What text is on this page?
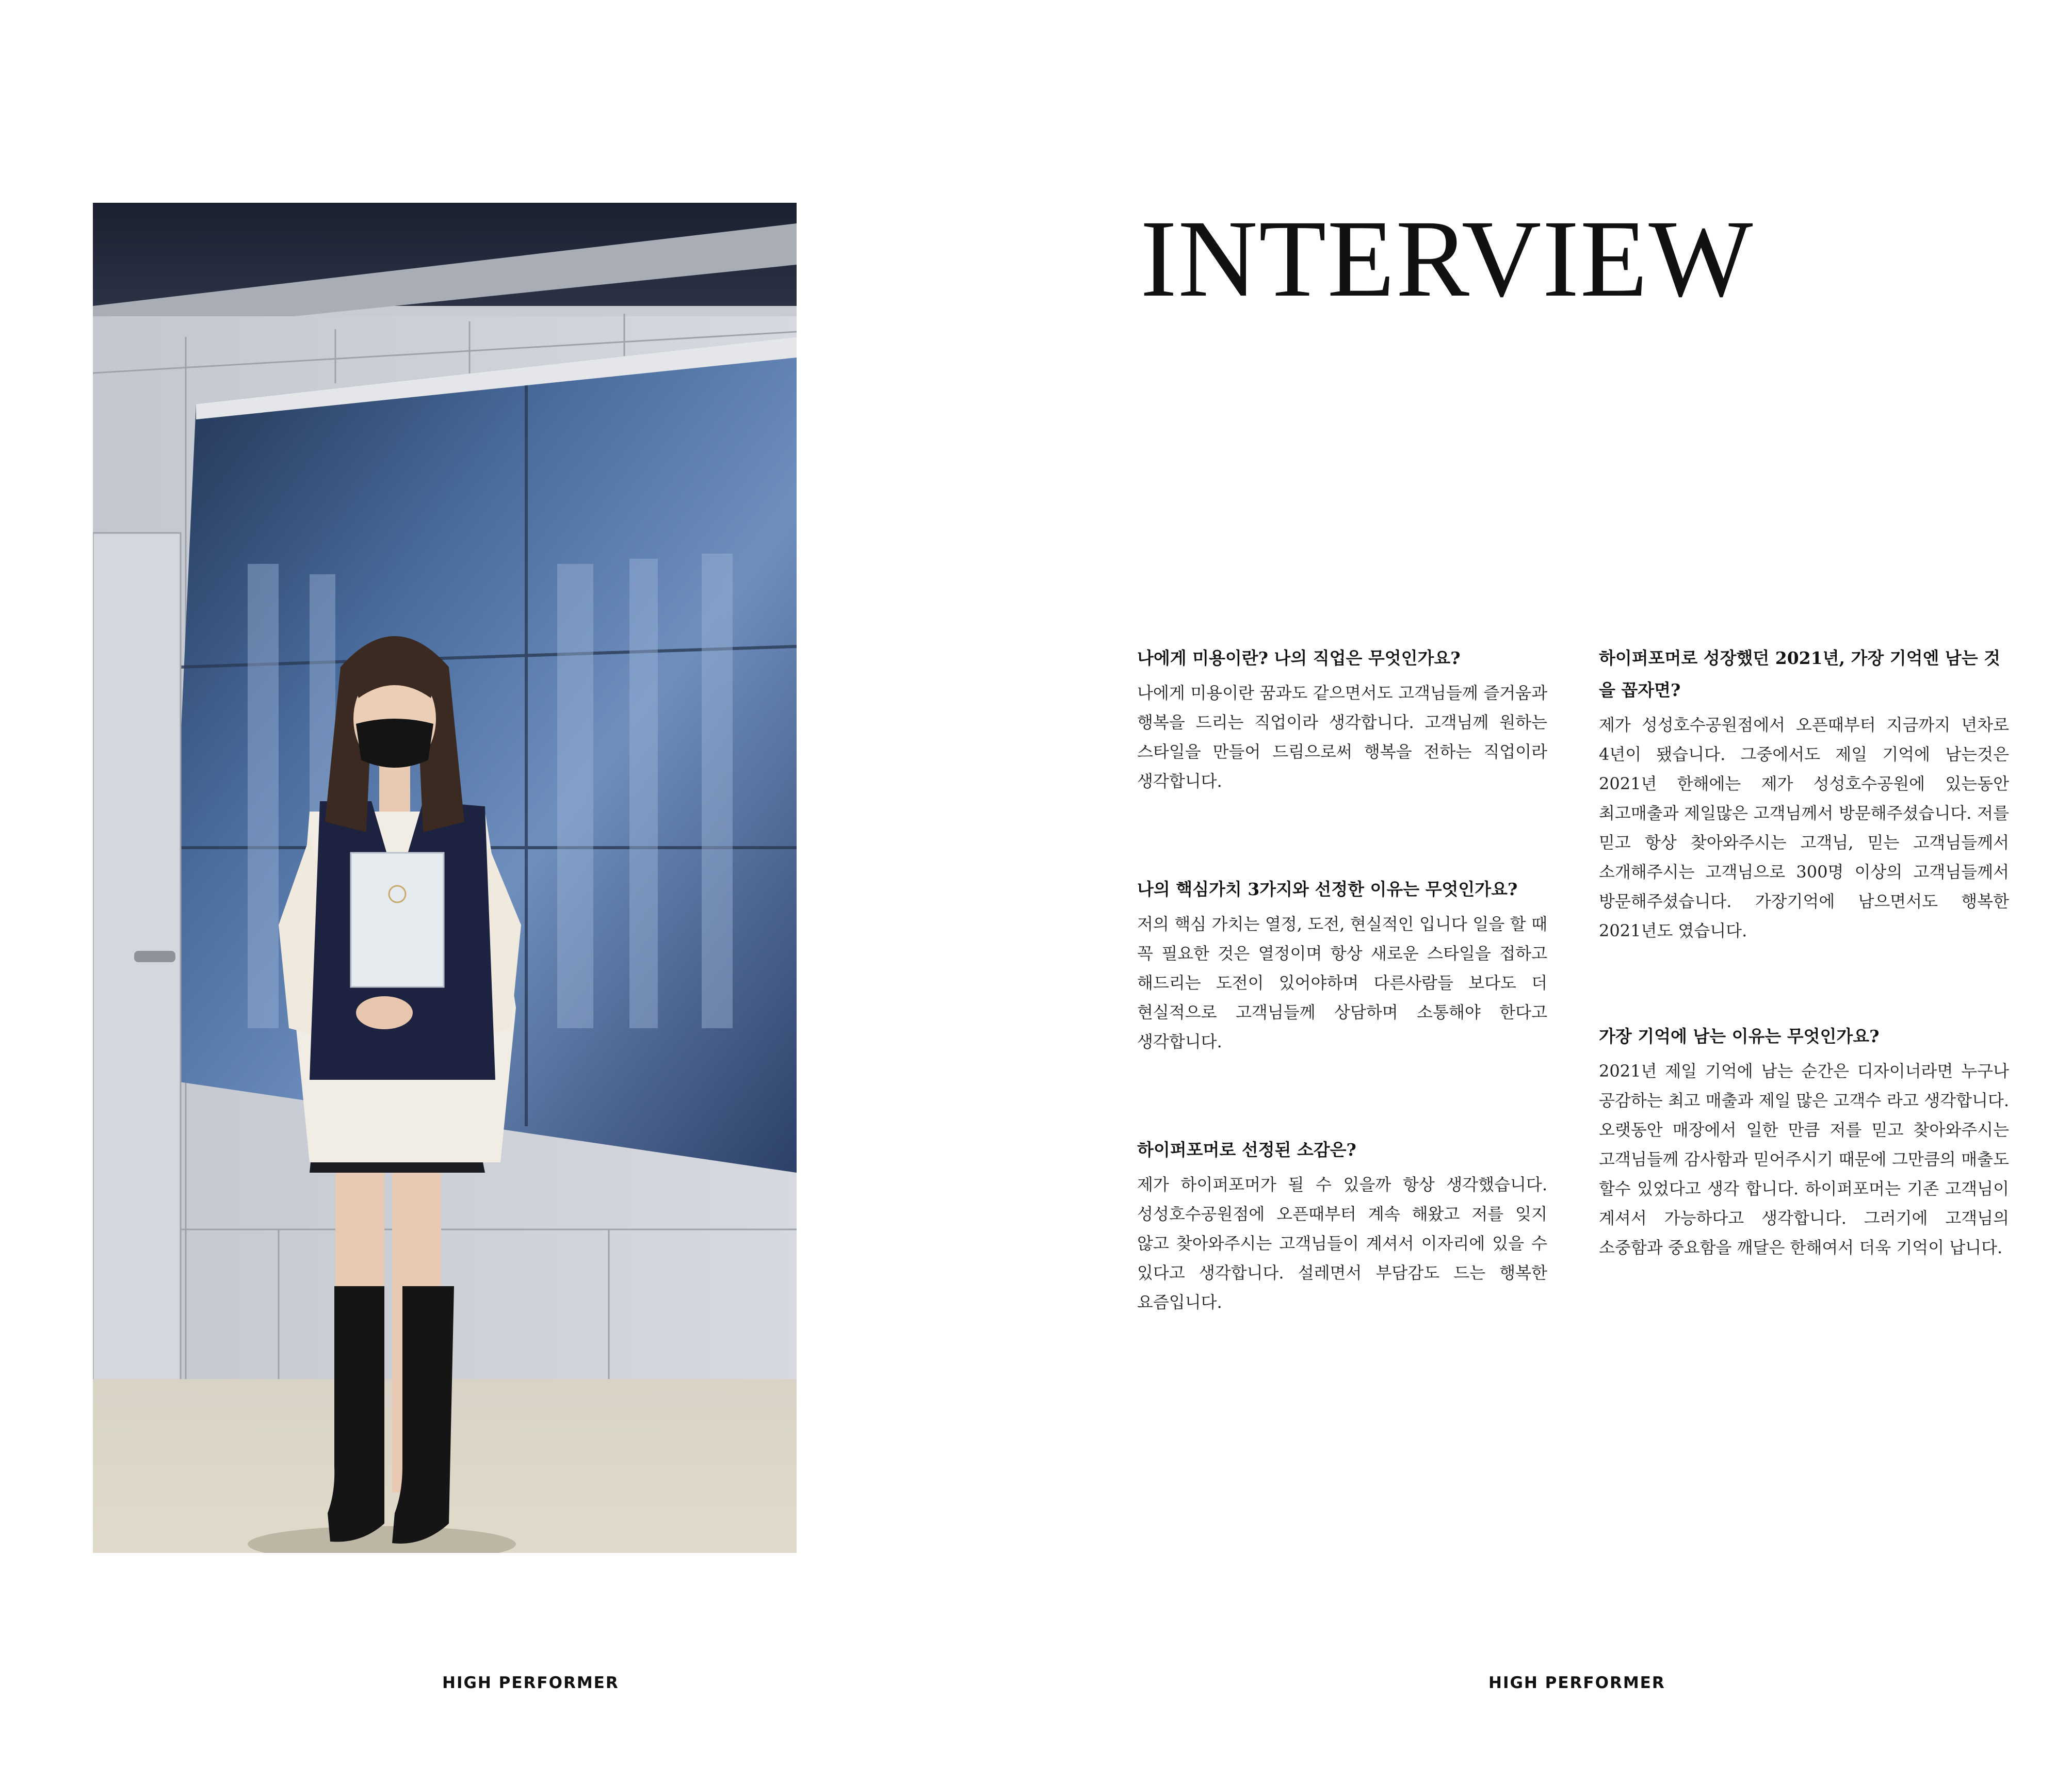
HIGH PERFORMER
INTERVIEW

나에게 미용이란? 나의 직업은 무엇인가요?

나에게 미용이란 꿈과도 같으면서도 고객님들께 즐거움과 행복을 드리는 직업이라 생각합니다. 고객님께 원하는 스타일을 만들어 드림으로써 행복을 전하는 직업이라 생각합니다.

나의 핵심가치 3가지와 선정한 이유는 무엇인가요?

저의 핵심 가치는 열정, 도전, 현실적인 입니다 일을 할 때 꼭 필요한 것은 열정이며 항상 새로운 스타일을 접하고 해드리는 도전이 있어야하며 다른사람들 보다도 더 현실적으로 고객님들께 상담하며 소통해야 한다고 생각합니다.

하이퍼포머로 선정된 소감은?

제가 하이퍼포머가 될 수 있을까 항상 생각했습니다. 성성호수공원점에 오픈때부터 계속 해왔고 저를 잊지 않고 찾아와주시는 고객님들이 계셔서 이자리에 있을 수 있다고 생각합니다. 설레면서 부담감도 드는 행복한 요즘입니다.

하이퍼포머로 성장했던 2021년, 가장 기억엔 남는 것을 꼽자면?

제가 성성호수공원점에서 오픈때부터 지금까지 년차로 4년이 됐습니다. 그중에서도 제일 기억에 남는것은 2021년 한해에는 제가 성성호수공원에 있는동안 최고매출과 제일많은 고객님께서 방문해주셨습니다. 저를 믿고 항상 찾아와주시는 고객님, 믿는 고객님들께서 소개해주시는 고객님으로 300명 이상의 고객님들께서 방문해주셨습니다. 가장기억에 남으면서도 행복한 2021년도 였습니다.

가장 기억에 남는 이유는 무엇인가요?

2021년 제일 기억에 남는 순간은 디자이너라면 누구나 공감하는 최고 매출과 제일 많은 고객수 라고 생각합니다. 오랫동안 매장에서 일한 만큼 저를 믿고 찾아와주시는 고객님들께 감사함과 믿어주시기 때문에 그만큼의 매출도 할수 있었다고 생각 합니다. 하이퍼포머는 기존 고객님이 계셔서 가능하다고 생각합니다. 그러기에 고객님의 소중함과 중요함을 깨달은 한해여서 더욱 기억이 납니다.

HIGH PERFORMER
